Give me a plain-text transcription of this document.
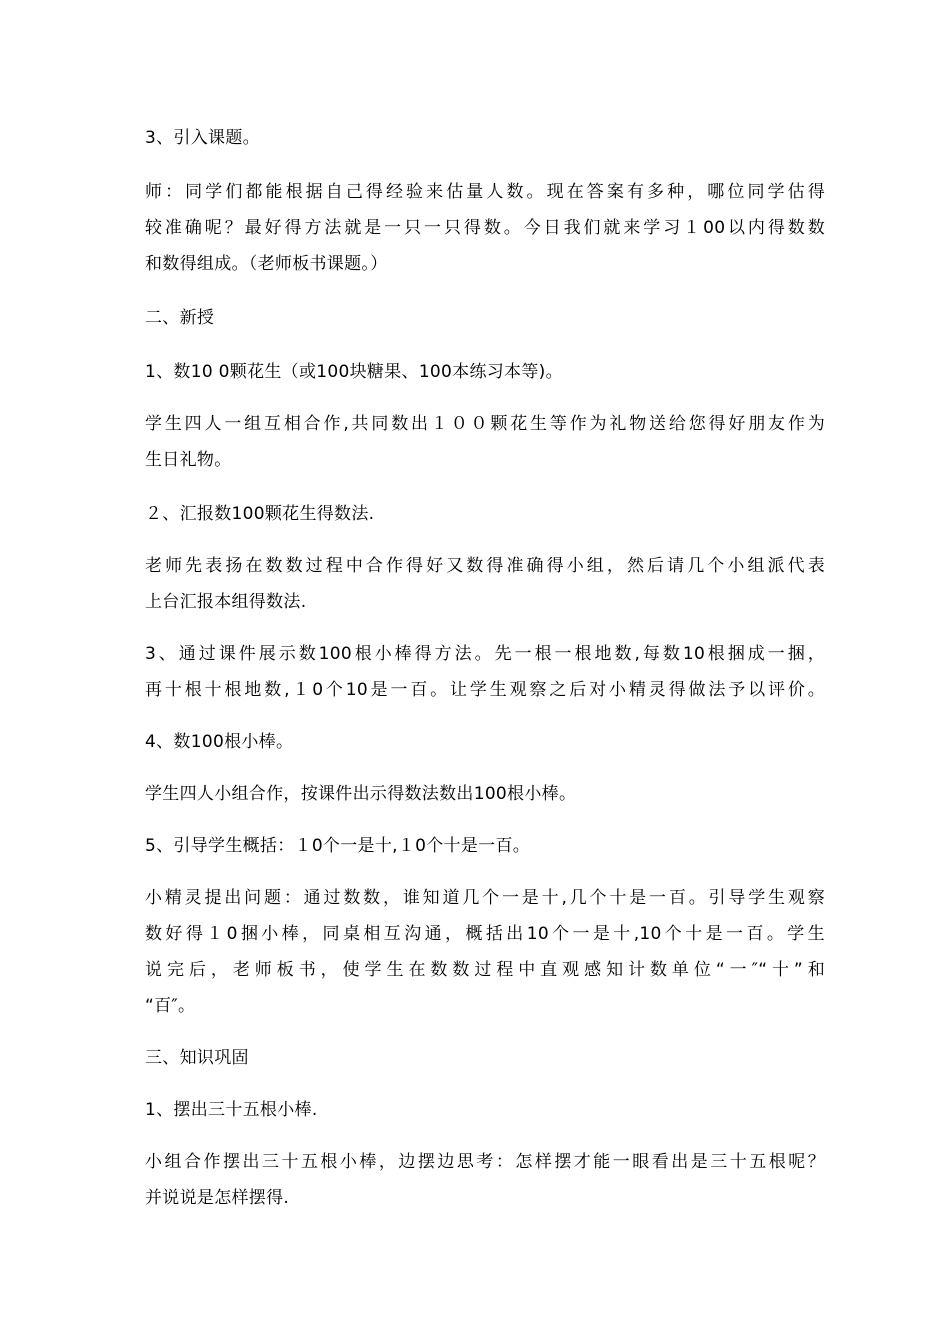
3、引入课题。
师：同学们都能根据自己得经验来估量人数。现在答案有多种，哪位同学估得
较准确呢？最好得方法就是一只一只得数。今日我们就来学习１00以内得数数
和数得组成。（老师板书课题。）
二、新授
1、数10 0颗花生（或100块糖果、100本练习本等)。
学生四人一组互相合作,共同数出１００颗花生等作为礼物送给您得好朋友作为
生日礼物。
２、汇报数100颗花生得数法.
老师先表扬在数数过程中合作得好又数得准确得小组，然后请几个小组派代表
上台汇报本组得数法.
3、通过课件展示数100根小棒得方法。先一根一根地数,每数10根捆成一捆，
再十根十根地数,１0个10是一百。让学生观察之后对小精灵得做法予以评价。
4、数100根小棒。
学生四人小组合作，按课件出示得数法数出100根小棒。
5、引导学生概括：１0个一是十,１0个十是一百。
小精灵提出问题：通过数数，谁知道几个一是十,几个十是一百。引导学生观察
数好得１0捆小棒，同桌相互沟通，概括出10个一是十,10个十是一百。学生
说完后，老师板书，使学生在数数过程中直观感知计数单位“一″“十”和
“百″。
三、知识巩固
1、摆出三十五根小棒.
小组合作摆出三十五根小棒，边摆边思考：怎样摆才能一眼看出是三十五根呢？
并说说是怎样摆得.
